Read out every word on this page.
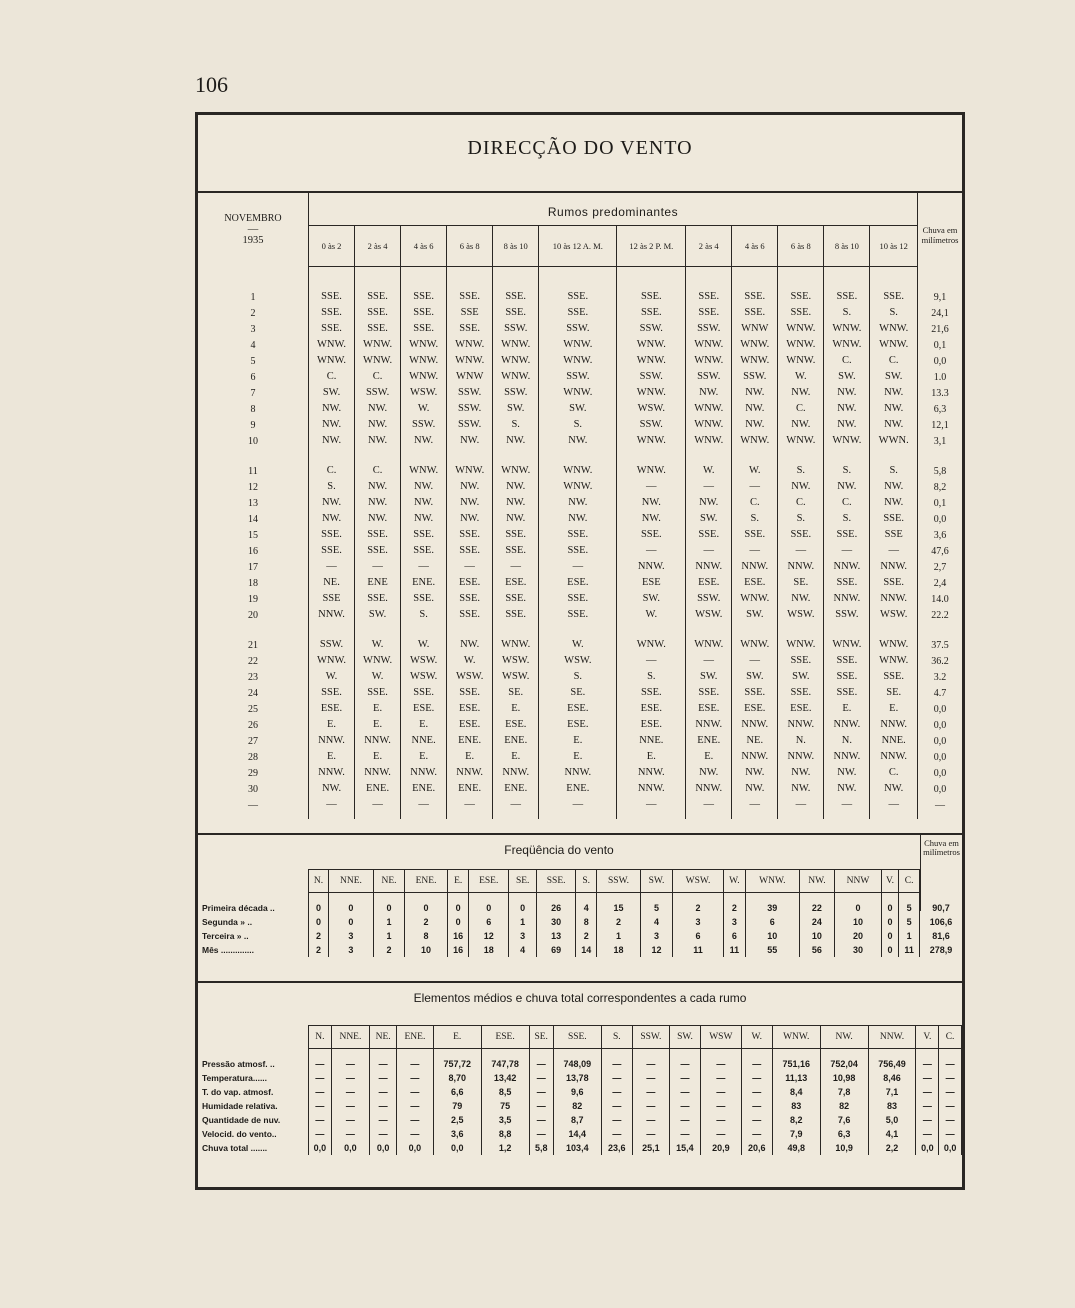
106
DIRECÇÃO DO VENTO
NOVEMBRO
—
1935	Rumos predominantes												Chuva em milímetros
	0 às 2	2 às 4	4 às 6	6 às 8	8 às 10	10 às 12 A. M.	12 às 2 P. M.	2 às 4	4 às 6	6 às 8	8 às 10	10 às 12	

1	SSE.	SSE.	SSE.	SSE.	SSE.	SSE.	SSE.	SSE.	SSE.	SSE.	SSE.	SSE.	9,1
2	SSE.	SSE.	SSE.	SSE	SSE.	SSE.	SSE.	SSE.	SSE.	SSE.	S.	S.	24,1
3	SSE.	SSE.	SSE.	SSE.	SSW.	SSW.	SSW.	SSW.	WNW	WNW.	WNW.	WNW.	21,6
4	WNW.	WNW.	WNW.	WNW.	WNW.	WNW.	WNW.	WNW.	WNW.	WNW.	WNW.	WNW.	0,1
5	WNW.	WNW.	WNW.	WNW.	WNW.	WNW.	WNW.	WNW.	WNW.	WNW.	C.	C.	0,0
6	C.	C.	WNW.	WNW	WNW.	SSW.	SSW.	SSW.	SSW.	W.	SW.	SW.	1.0
7	SW.	SSW.	WSW.	SSW.	SSW.	WNW.	WNW.	NW.	NW.	NW.	NW.	NW.	13.3
8	NW.	NW.	W.	SSW.	SW.	SW.	WSW.	WNW.	NW.	C.	NW.	NW.	6,3
9	NW.	NW.	SSW.	SSW.	S.	S.	SSW.	WNW.	NW.	NW.	NW.	NW.	12,1
10	NW.	NW.	NW.	NW.	NW.	NW.	WNW.	WNW.	WNW.	WNW.	WNW.	WWN.	3,1

11	C.	C.	WNW.	WNW.	WNW.	WNW.	WNW.	W.	W.	S.	S.	S.	5,8
12	S.	NW.	NW.	NW.	NW.	WNW.	—	—	—	NW.	NW.	NW.	8,2
13	NW.	NW.	NW.	NW.	NW.	NW.	NW.	NW.	C.	C.	C.	NW.	0,1
14	NW.	NW.	NW.	NW.	NW.	NW.	NW.	SW.	S.	S.	S.	SSE.	0,0
15	SSE.	SSE.	SSE.	SSE.	SSE.	SSE.	SSE.	SSE.	SSE.	SSE.	SSE.	SSE	3,6
16	SSE.	SSE.	SSE.	SSE.	SSE.	SSE.	—	—	—	—	—	—	47,6
17	—	—	—	—	—	—	NNW.	NNW.	NNW.	NNW.	NNW.	NNW.	2,7
18	NE.	ENE	ENE.	ESE.	ESE.	ESE.	ESE	ESE.	ESE.	SE.	SSE.	SSE.	2,4
19	SSE	SSE.	SSE.	SSE.	SSE.	SSE.	SW.	SSW.	WNW.	NW.	NNW.	NNW.	14.0
20	NNW.	SW.	S.	SSE.	SSE.	SSE.	W.	WSW.	SW.	WSW.	SSW.	WSW.	22.2

21	SSW.	W.	W.	NW.	WNW.	W.	WNW.	WNW.	WNW.	WNW.	WNW.	WNW.	37.5
22	WNW.	WNW.	WSW.	W.	WSW.	WSW.	—	—	—	SSE.	SSE.	WNW.	36.2
23	W.	W.	WSW.	WSW.	WSW.	S.	S.	SW.	SW.	SW.	SSE.	SSE.	3.2
24	SSE.	SSE.	SSE.	SSE.	SE.	SE.	SSE.	SSE.	SSE.	SSE.	SSE.	SE.	4.7
25	ESE.	E.	ESE.	ESE.	E.	ESE.	ESE.	ESE.	ESE.	ESE.	E.	E.	0,0
26	E.	E.	E.	ESE.	ESE.	ESE.	ESE.	NNW.	NNW.	NNW.	NNW.	NNW.	0,0
27	NNW.	NNW.	NNE.	ENE.	ENE.	E.	NNE.	ENE.	NE.	N.	N.	NNE.	0,0
28	E.	E.	E.	E.	E.	E.	E.	E.	NNW.	NNW.	NNW.	NNW.	0,0
29	NNW.	NNW.	NNW.	NNW.	NNW.	NNW.	NNW.	NW.	NW.	NW.	NW.	C.	0,0
30	NW.	ENE.	ENE.	ENE.	ENE.	ENE.	NNW.	NNW.	NW.	NW.	NW.	NW.	0,0

—	—	—	—	—	—	—	—	—	—	—	—	—	—

Freqüência do vento	Chuva em milímetros
	N.	NNE.	NE.	ENE.	E.	ESE.	SE.	SSE.	S.	SSW.	SW.	WSW.	W.	WNW.	NW.	NNW	V.	C.	

Primeira década ..	0	0	0	0	0	0	0	26	4	15	5	2	2	39	22	0	0	5	90,7
Segunda » ..	0	0	1	2	0	6	1	30	8	2	4	3	3	6	24	10	0	5	106,6
Terceira » ..	2	3	1	8	16	12	3	13	2	1	3	6	6	10	10	20	0	1	81,6
Mês ..............	2	3	2	10	16	18	4	69	14	18	12	11	11	55	56	30	0	11	278,9
Elementos médios e chuva total correspondentes a cada rumo
	N.	NNE.	NE.	ENE.	E.	ESE.	SE.	SSE.	S.	SSW.	SW.	WSW	W.	WNW.	NW.	NNW.	V.	C.	

Pressão atmosf. ..	—	—	—	—	757,72	747,78	—	748,09	—	—	—	—	—	751,16	752,04	756,49	—	—	
Temperatura......	—	—	—	—	8,70	13,42	—	13,78	—	—	—	—	—	11,13	10,98	8,46	—	—	
T. do vap. atmosf.	—	—	—	—	6,6	8,5	—	9,6	—	—	—	—	—	8,4	7,8	7,1	—	—	
Humidade relativa.	—	—	—	—	79	75	—	82	—	—	—	—	—	83	82	83	—	—	
Quantidade de nuv.	—	—	—	—	2,5	3,5	—	8,7	—	—	—	—	—	8,2	7,6	5,0	—	—	
Velocid. do vento..	—	—	—	—	3,6	8,8	—	14,4	—	—	—	—	—	7,9	6,3	4,1	—	—	
Chuva total .......	0,0	0,0	0,0	0,0	0,0	1,2	5,8	103,4	23,6	25,1	15,4	20,9	20,6	49,8	10,9	2,2	0,0	0,0	
